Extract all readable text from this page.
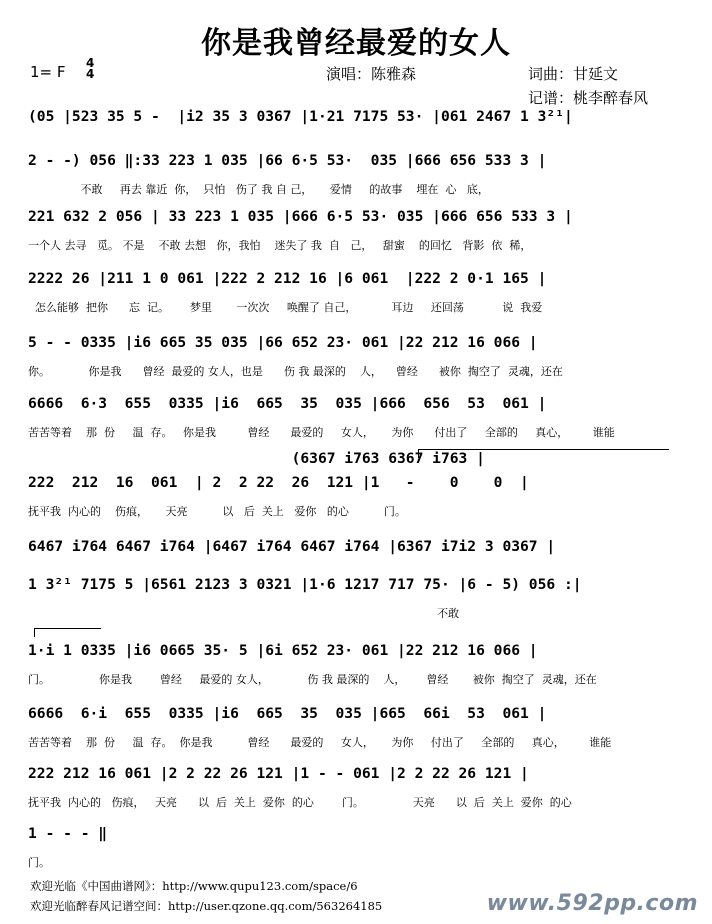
你是我曾经最爱的女人
1= F 4
4	演唱：陈雅森	词曲：甘延文
记谱：桃李醉春风
(05 |523 35 5 -  |i2 35 3 0367 |1·21 7175 53· |061 2467 1 3²¹|
2 - -) 056 ‖:33 223 1 035 |66 6·5 53·  035 |666 656 533 3 |
不敢     再去 靠近  你，  只怕   伤了 我 自 己，     爱情     的故事    埋在  心   底，
221 632 2 056 | 33 223 1 035 |666 6·5 53· 035 |666 656 533 3 |
一个人 去寻   觅。 不是    不敢 去想   你，我怕    迷失了 我  自   己，   甜蜜    的回忆   背影  依  稀，
2222 26 |211 1 0 061 |222 2 212 16 |6 061  |222 2 0·1 165 |
怎么能够  把你      忘  记。      梦里       一次次     唤醒了 自己，          耳边     还回荡           说  我爱
5 - - 0335 |i6 665 35 035 |66 652 23· 061 |22 212 16 066 |
你。           你是我      曾经  最爱的 女人，也是      伤 我 最深的    人，    曾经      被你  掏空了  灵魂，还在
6666  6·3  655  0335 |i6  665  35  035 |666  656  53  061 |
苦苦等着    那  份     温  存。   你是我         曾经      最爱的     女人，     为你      付出了     全部的     真心，       谁能
(6367 i763 6367 i763 |
222  212  16  061  | 2  2 22  26  121 |1   -    0    0  |
抚平我  内心的    伤痕，     天亮          以   后  关上   爱你   的心          门。
6467 i764 6467 i764 |6467 i764 6467 i764 |6367 i7i2 3 0367 |
1 3²¹ 7175 5 |6561 2123 3 0321 |1·6 1217 717 75· |6 - 5) 056 :|
不敢
1·i 1 0335 |i6 0665 35· 5 |6i 652 23· 061 |22 212 16 066 |
门。              你是我        曾经     最爱的 女人，           伤 我 最深的    人，      曾经       被你  掏空了  灵魂，还在
6666  6·i  655  0335 |i6  665  35  035 |665  66i  53  061 |
苦苦等着    那  份     温  存。  你是我          曾经      最爱的     女人，     为你     付出了     全部的     真心，       谁能
222 212 16 061 |2 2 22 26 121 |1 - - 061 |2 2 22 26 121 |
抚平我  内心的   伤痕，   天亮      以  后  关上  爱你  的心        门。              天亮      以  后  关上  爱你  的心
1 - - - ‖
门。
欢迎光临《中国曲谱网》：http://www.qupu123.com/space/6
欢迎光临醉春风记谱空间：http://user.qzone.qq.com/563264185	www.592pp.com
